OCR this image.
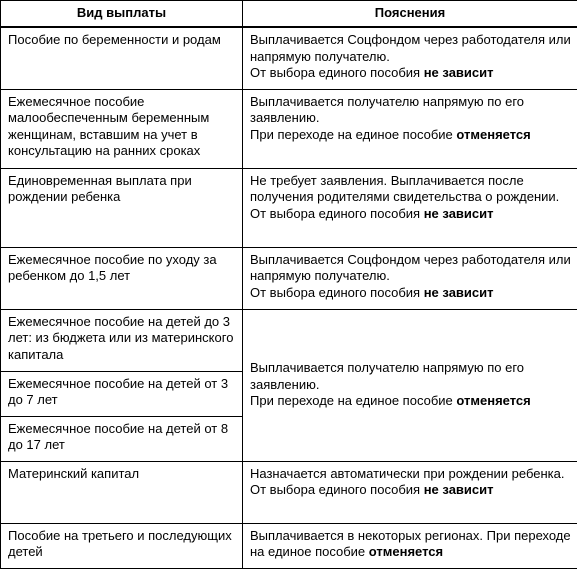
Вид выплаты	Пояснения
Пособие по беременности и родам	Выплачивается Соцфондом через работодателя или напрямую получателю.
От выбора единого пособия не зависит
Ежемесячное пособие малообеспеченным беременным женщинам, вставшим на учет в консультацию на ранних сроках	Выплачивается получателю напрямую по его заявлению.
При переходе на единое пособие отменяется
Единовременная выплата при рождении ребенка	Не требует заявления. Выплачивается после получения родителями свидетельства о рождении.
От выбора единого пособия не зависит
Ежемесячное пособие по уходу за ребенком до 1,5 лет	Выплачивается Соцфондом через работодателя или напрямую получателю.
От выбора единого пособия не зависит
Ежемесячное пособие на детей до 3 лет: из бюджета или из материнского капитала	Выплачивается получателю напрямую по его заявлению.
При переходе на единое пособие отменяется
Ежемесячное пособие на детей от 3 до 7 лет	
Ежемесячное пособие на детей от 8 до 17 лет	
Материнский капитал	Назначается автоматически при рождении ребенка. От выбора единого пособия не зависит
Пособие на третьего и последующих детей	Выплачивается в некоторых регионах. При переходе на единое пособие отменяется
